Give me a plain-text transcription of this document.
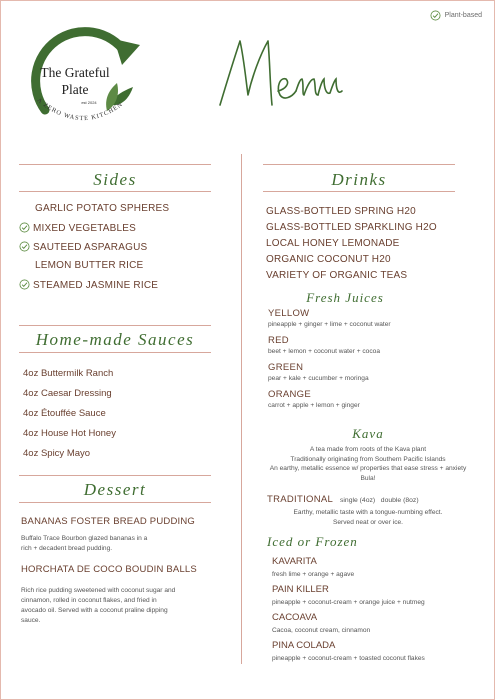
Plant-based
The Grateful
Plate
est 2024
A ZERO WASTE KITCHEN
Sides
GARLIC POTATO SPHERES
MIXED VEGETABLES
SAUTEED ASPARAGUS
LEMON BUTTER RICE
STEAMED JASMINE RICE
Home-made Sauces
4oz Buttermilk Ranch
4oz Caesar Dressing
4oz Étouffée Sauce
4oz House Hot Honey
4oz Spicy Mayo
Dessert
BANANAS FOSTER BREAD PUDDING
Buffalo Trace Bourbon glazed bananas in a
rich + decadent bread pudding.
HORCHATA DE COCO BOUDIN BALLS
Rich rice pudding sweetened with coconut sugar and
cinnamon, rolled in coconut flakes, and fried in
avocado oil. Served with a coconut praline dipping
sauce.
Drinks
GLASS-BOTTLED SPRING H20
GLASS-BOTTLED SPARKLING H2O
LOCAL HONEY LEMONADE
ORGANIC COCONUT H20
VARIETY OF ORGANIC TEAS
Fresh Juices
YELLOW
pineapple + ginger + lime + coconut water
RED
beet + lemon + coconut water + cocoa
GREEN
pear + kale + cucumber + moringa
ORANGE
carrot + apple + lemon + ginger
Kava
A tea made from roots of the Kava plant
Traditionally originating from Southern Pacific Islands
An earthy, metallic essence w/ properties that ease stress + anxiety
Bula!
TRADITIONAL single (4oz)   double (8oz)
Earthy, metallic taste with a tongue-numbing effect.
Served neat or over ice.
Iced or Frozen
KAVARITA
fresh lime + orange + agave
PAIN KILLER
pineapple + coconut-cream + orange juice + nutmeg
CACOAVA
Cacoa, coconut cream, cinnamon
PINA COLADA
pineapple + coconut-cream + toasted coconut flakes
